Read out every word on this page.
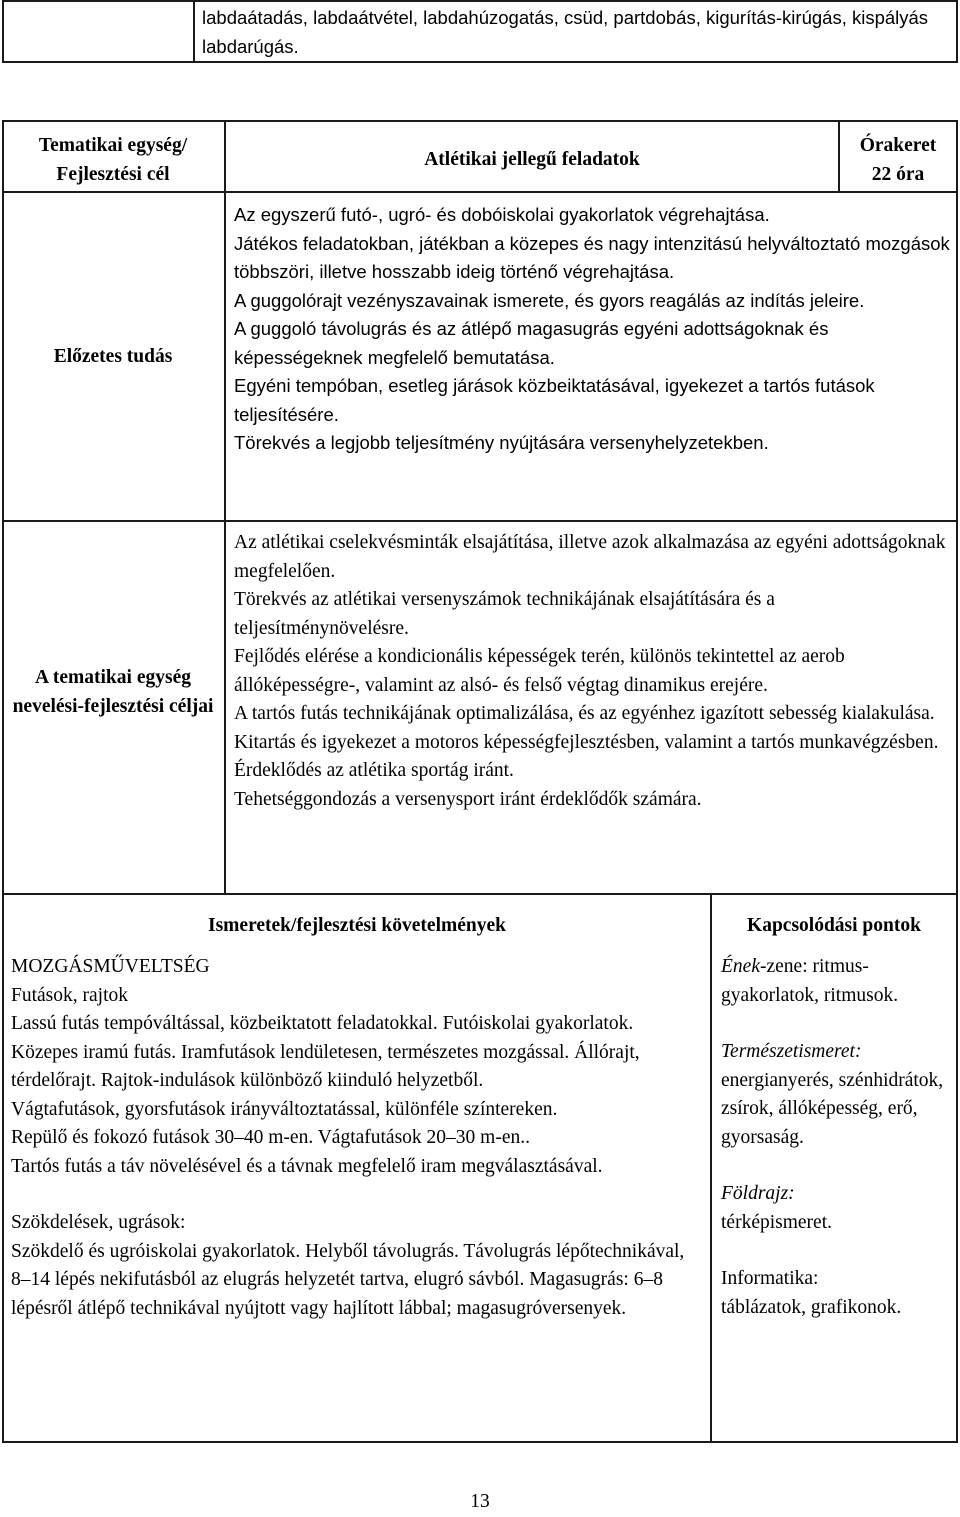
labdaátadás, labdaátvétel, labdahúzogatás, csüd, partdobás, kigurítás-kirúgás, kispályás labdarúgás.
Tematikai egység/ Fejlesztési cél
Atlétikai jellegű feladatok
Órakeret
22 óra
Előzetes tudás
Az egyszerű futó-, ugró- és dobóiskolai gyakorlatok végrehajtása.
Játékos feladatokban, játékban a közepes és nagy intenzitású helyváltoztató mozgások többszöri, illetve hosszabb ideig történő végrehajtása.
A guggolórajt vezényszavainak ismerete, és gyors reagálás az indítás jeleire.
A guggoló távolugrás és az átlépő magasugrás egyéni adottságoknak és képességeknek megfelelő bemutatása.
Egyéni tempóban, esetleg járások közbeiktatásával, igyekezet a tartós futások teljesítésére.
Törekvés a legjobb teljesítmény nyújtására versenyhelyzetekben.
A tematikai egység nevelési-fejlesztési céljai
Az atlétikai cselekvésminták elsajátítása, illetve azok alkalmazása az egyéni adottságoknak megfelelően.
Törekvés az atlétikai versenyszámok technikájának elsajátítására és a teljesítménynövelésre.
Fejlődés elérése a kondicionális képességek terén, különös tekintettel az aerob állóképességre-, valamint az alsó- és felső végtag dinamikus erejére.
A tartós futás technikájának optimalizálása, és az egyénhez igazított sebesség kialakulása.
Kitartás és igyekezet a motoros képességfejlesztésben, valamint a tartós munkavégzésben.
Érdeklődés az atlétika sportág iránt.
Tehetséggondozás a versenysport iránt érdeklődők számára.
Ismeretek/fejlesztési követelmények	Kapcsolódási pontok
MOZGÁSMŰVELTSÉG
Futások, rajtok
Lassú futás tempóváltással, közbeiktatott feladatokkal. Futóiskolai gyakorlatok. Közepes iramú futás. Iramfutások lendületesen, természetes mozgással. Állórajt, térdelőrajt. Rajtok-indulások különböző kiinduló helyzetből.
Vágtafutások, gyorsfutások irányváltoztatással, különféle színtereken.
Repülő és fokozó futások 30–40 m-en. Vágtafutások 20–30 m-en..
Tartós futás a táv növelésével és a távnak megfelelő iram megválasztásával.
Szökdelések, ugrások:
Szökdelő és ugróiskolai gyakorlatok. Helyből távolugrás. Távolugrás lépőtechnikával, 8–14 lépés nekifutásból az elugrás helyzetét tartva, elugró sávból. Magasugrás: 6–8 lépésről átlépő technikával nyújtott vagy hajlított lábbal; magasugróversenyek.
Ének-zene: ritmus-gyakorlatok, ritmusok.
Természetismeret:
energianyerés, szénhidrátok, zsírok, állóképesség, erő, gyorsaság.
Földrajz:
térképismeret.
Informatika:
táblázatok, grafikonok.
13
